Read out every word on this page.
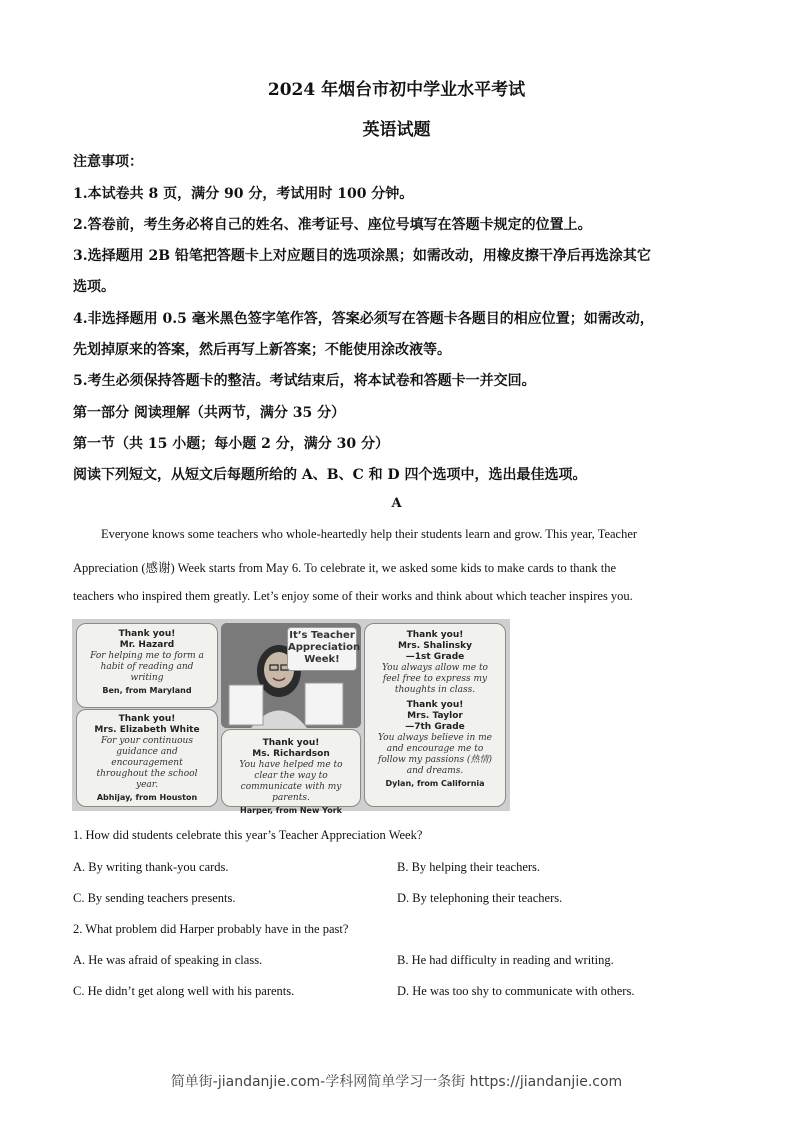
2024 年烟台市初中学业水平考试
英语试题
注意事项：
1.本试卷共 8 页，满分 90 分，考试用时 100 分钟。
2.答卷前，考生务必将自己的姓名、准考证号、座位号填写在答题卡规定的位置上。
3.选择题用 2B 铅笔把答题卡上对应题目的选项涂黑；如需改动，用橡皮擦干净后再选涂其它
选项。
4.非选择题用 0.5 毫米黑色签字笔作答，答案必须写在答题卡各题目的相应位置；如需改动，
先划掉原来的答案，然后再写上新答案；不能使用涂改液等。
5.考生必须保持答题卡的整洁。考试结束后，将本试卷和答题卡一并交回。
第一部分 阅读理解（共两节，满分 35 分）
第一节（共 15 小题；每小题 2 分，满分 30 分）
阅读下列短文，从短文后每题所给的 A、B、C 和 D 四个选项中，选出最佳选项。
A
Everyone knows some teachers who whole-heartedly help their students learn and grow. This year, Teacher
Appreciation (感谢) Week starts from May 6. To celebrate it, we asked some kids to make cards to thank the
teachers who inspired them greatly. Let’s enjoy some of their works and think about which teacher inspires you.
Thank you!
Mr. Hazard
For helping me to form a habit of reading and writing
Ben, from Maryland
Thank you!
Mrs. Elizabeth White
For your continuous guidance and encouragement throughout the school year.
Abhijay, from Houston
It’s Teacher Appreciation Week!
Thank you!
Ms. Richardson
You have helped me to clear the way to communicate with my parents.
Harper, from New York
Thank you!
Mrs. Shalinsky
—1st Grade
You always allow me to feel free to express my thoughts in class.
Thank you!
Mrs. Taylor
—7th Grade
You always believe in me and encourage me to follow my passions (热情) and dreams.
Dylan, from California
1. How did students celebrate this year’s Teacher Appreciation Week?
A. By writing thank-you cards.	B. By helping their teachers.
C. By sending teachers presents.	D. By telephoning their teachers.
2. What problem did Harper probably have in the past?
A. He was afraid of speaking in class.	B. He had difficulty in reading and writing.
C. He didn’t get along well with his parents.	D. He was too shy to communicate with others.
简单街-jiandanjie.com-学科网简单学习一条街 https://jiandanjie.com
